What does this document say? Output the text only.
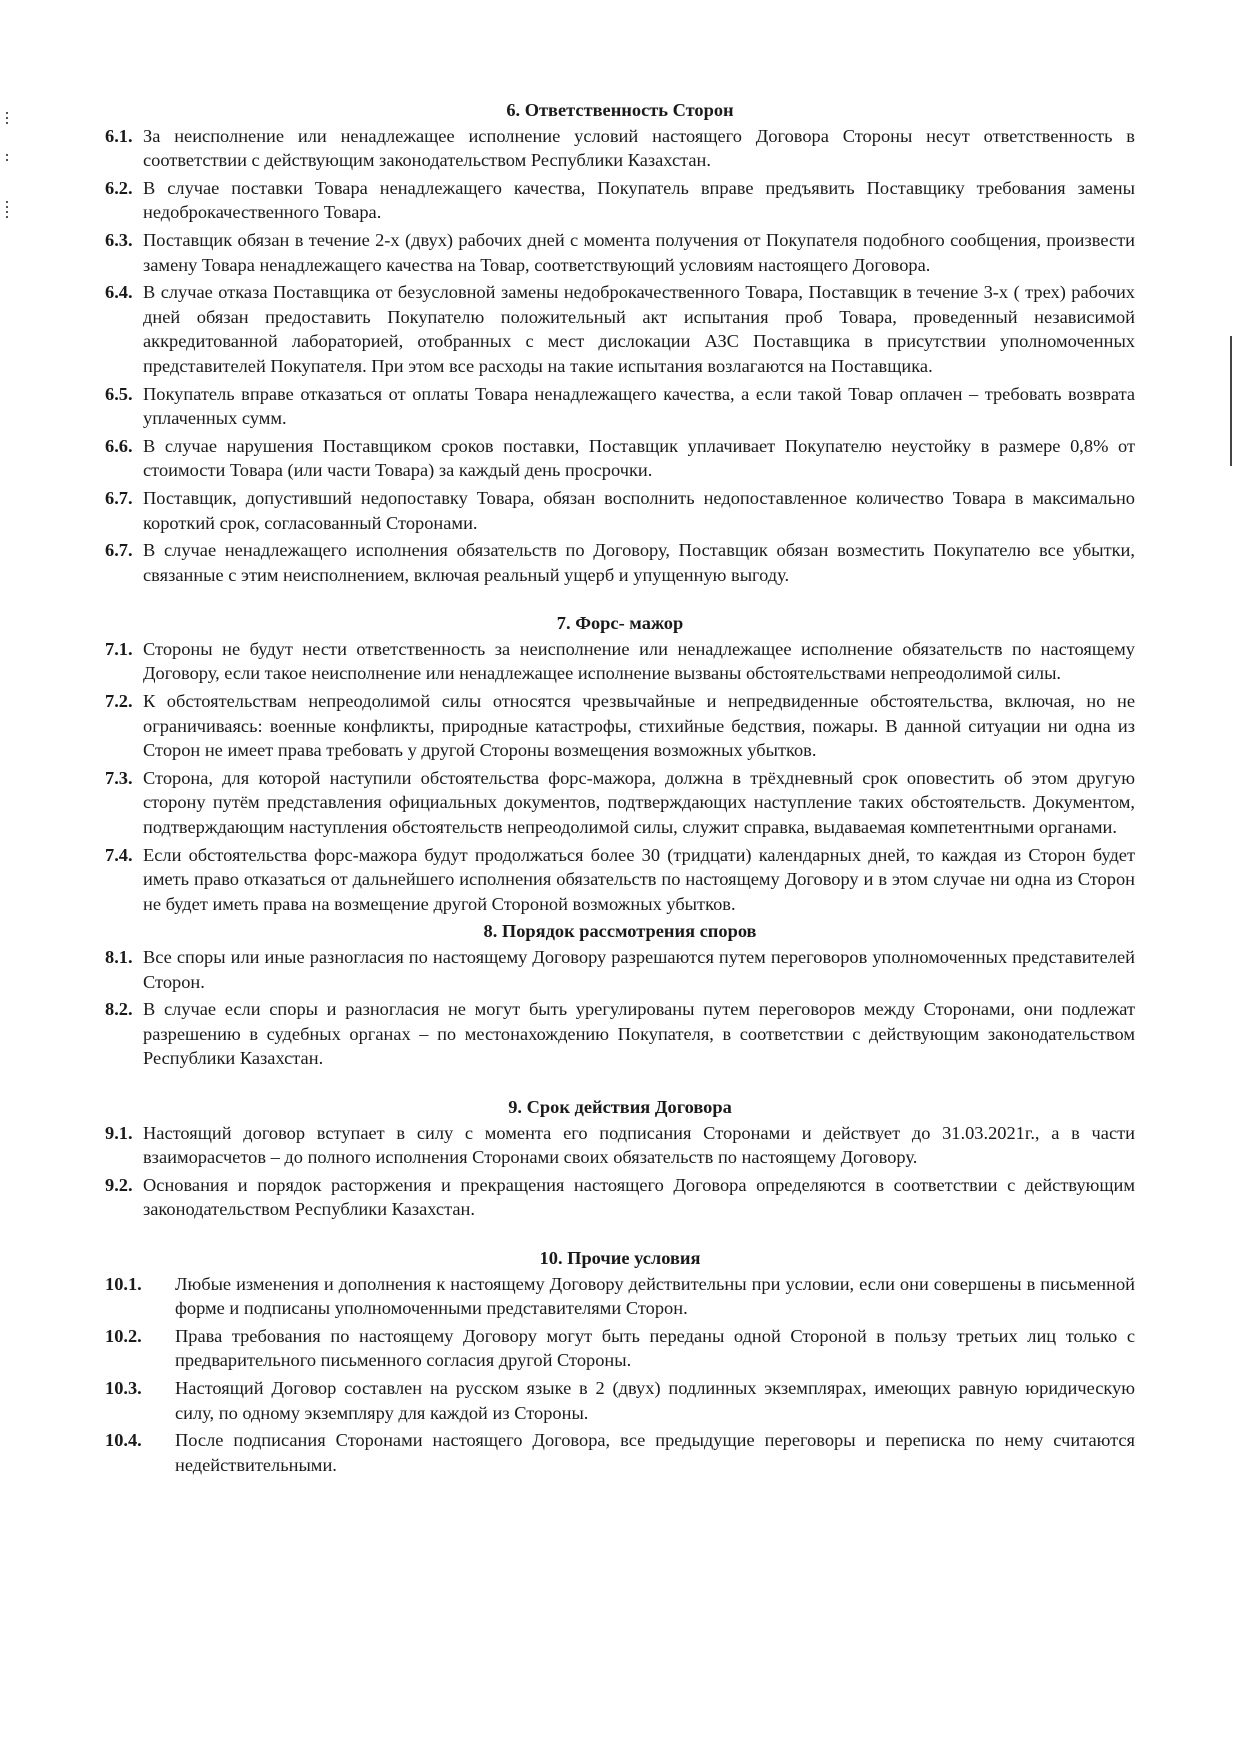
6. Ответственность Сторон
6.1. За неисполнение или ненадлежащее исполнение условий настоящего Договора Стороны несут ответственность в соответствии с действующим законодательством Республики Казахстан.
6.2. В случае поставки Товара ненадлежащего качества, Покупатель вправе предъявить Поставщику требования замены недоброкачественного Товара.
6.3. Поставщик обязан в течение 2-х (двух) рабочих дней с момента получения от Покупателя подобного сообщения, произвести замену Товара ненадлежащего качества на Товар, соответствующий условиям настоящего Договора.
6.4. В случае отказа Поставщика от безусловной замены недоброкачественного Товара, Поставщик в течение 3-х ( трех) рабочих дней обязан предоставить Покупателю положительный акт испытания проб Товара, проведенный независимой аккредитованной лабораторией, отобранных с мест дислокации АЗС Поставщика в присутствии уполномоченных представителей Покупателя. При этом все расходы на такие испытания возлагаются на Поставщика.
6.5. Покупатель вправе отказаться от оплаты Товара ненадлежащего качества, а если такой Товар оплачен – требовать возврата уплаченных сумм.
6.6. В случае нарушения Поставщиком сроков поставки, Поставщик уплачивает Покупателю неустойку в размере 0,8% от стоимости Товара (или части Товара) за каждый день просрочки.
6.7. Поставщик, допустивший недопоставку Товара, обязан восполнить недопоставленное количество Товара в максимально короткий срок, согласованный Сторонами.
6.7. В случае ненадлежащего исполнения обязательств по Договору, Поставщик обязан возместить Покупателю все убытки, связанные с этим неисполнением, включая реальный ущерб и упущенную выгоду.
7. Форс- мажор
7.1. Стороны не будут нести ответственность за неисполнение или ненадлежащее исполнение обязательств по настоящему Договору, если такое неисполнение или ненадлежащее исполнение вызваны обстоятельствами непреодолимой силы.
7.2. К обстоятельствам непреодолимой силы относятся чрезвычайные и непредвиденные обстоятельства, включая, но не ограничиваясь: военные конфликты, природные катастрофы, стихийные бедствия, пожары. В данной ситуации ни одна из Сторон не имеет права требовать у другой Стороны возмещения возможных убытков.
7.3. Сторона, для которой наступили обстоятельства форс-мажора, должна в трёхдневный срок оповестить об этом другую сторону путём представления официальных документов, подтверждающих наступление таких обстоятельств. Документом, подтверждающим наступления обстоятельств непреодолимой силы, служит справка, выдаваемая компетентными органами.
7.4. Если обстоятельства форс-мажора будут продолжаться более 30 (тридцати) календарных дней, то каждая из Сторон будет иметь право отказаться от дальнейшего исполнения обязательств по настоящему Договору и в этом случае ни одна из Сторон не будет иметь права на возмещение другой Стороной возможных убытков.
8. Порядок рассмотрения споров
8.1. Все споры или иные разногласия по настоящему Договору разрешаются путем переговоров уполномоченных представителей Сторон.
8.2. В случае если споры и разногласия не могут быть урегулированы путем переговоров между Сторонами, они подлежат разрешению в судебных органах – по местонахождению Покупателя, в соответствии с действующим законодательством Республики Казахстан.
9. Срок действия Договора
9.1. Настоящий договор вступает в силу с момента его подписания Сторонами и действует до 31.03.2021г., а в части взаиморасчетов – до полного исполнения Сторонами своих обязательств по настоящему Договору.
9.2. Основания и порядок расторжения и прекращения настоящего Договора определяются в соответствии с действующим законодательством Республики Казахстан.
10. Прочие условия
10.1.	Любые изменения и дополнения к настоящему Договору действительны при условии, если они совершены в письменной форме и подписаны уполномоченными представителями Сторон.
10.2.	Права требования по настоящему Договору могут быть переданы одной Стороной в пользу третьих лиц только с предварительного письменного согласия другой Стороны.
10.3.	Настоящий Договор составлен на русском языке в 2 (двух) подлинных экземплярах, имеющих равную юридическую силу, по одному экземпляру для каждой из Стороны.
10.4.	После подписания Сторонами настоящего Договора, все предыдущие переговоры и переписка по нему считаются недействительными.
